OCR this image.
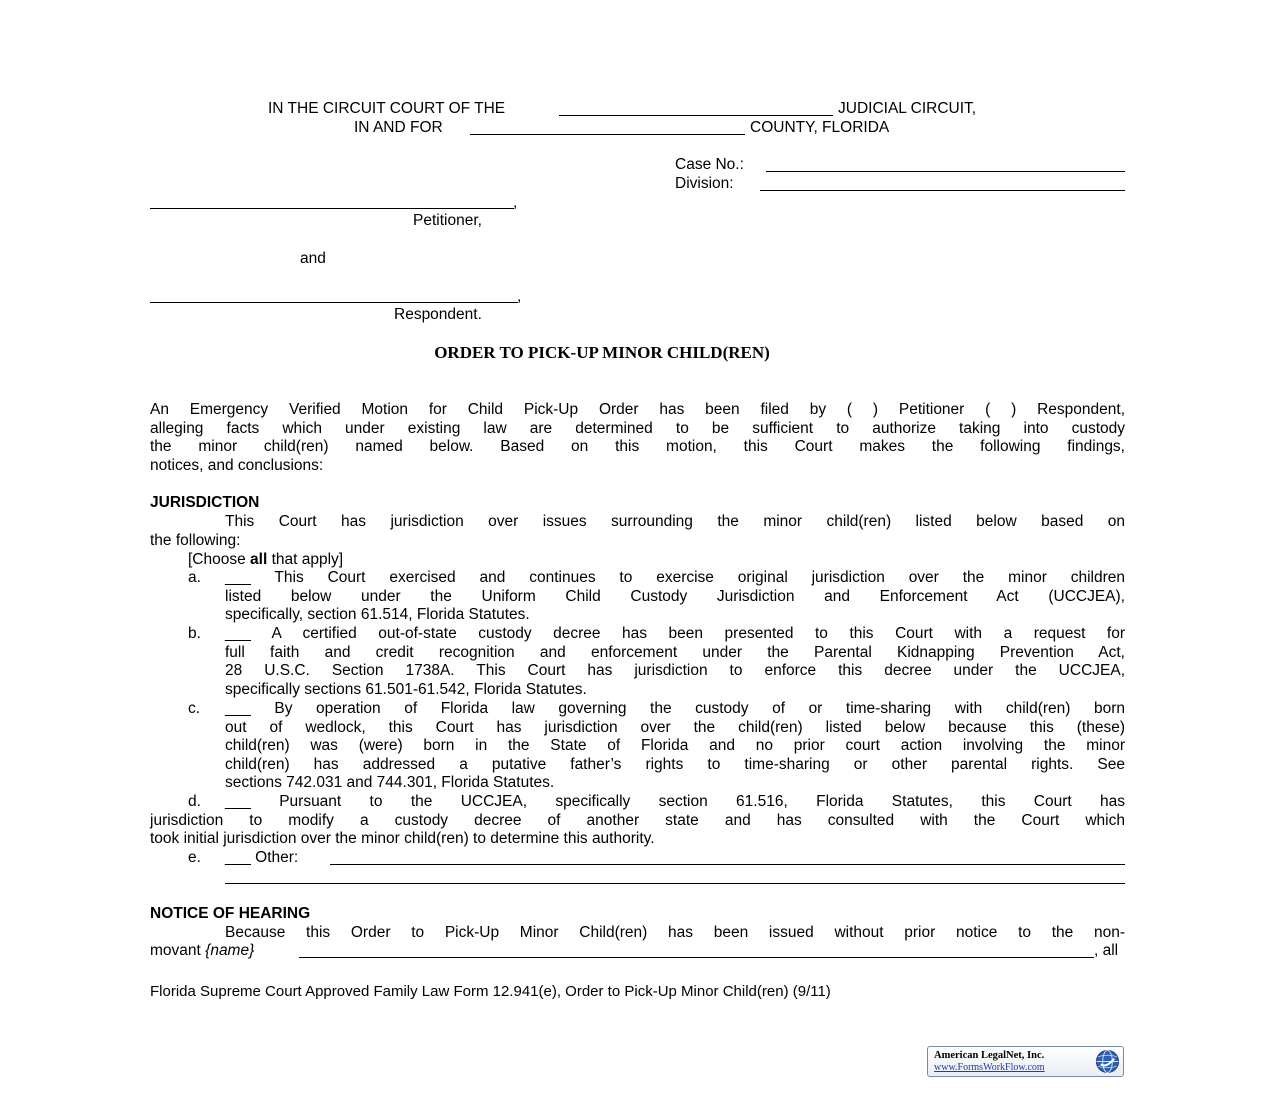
IN THE CIRCUIT COURT OF THE	JUDICIAL CIRCUIT,
IN AND FOR	COUNTY, FLORIDA
Case No.:
Division:
,
Petitioner,
and
,
Respondent.
ORDER TO PICK-UP MINOR CHILD(REN)
An Emergency Verified Motion for Child Pick-Up Order has been filed by ( ) Petitioner ( ) Respondent,
alleging facts which under existing law are determined to be sufficient to authorize taking into custody
the minor child(ren) named below. Based on this motion, this Court makes the following findings,
notices, and conclusions:
JURISDICTION
This Court has jurisdiction over issues surrounding the minor child(ren) listed below based on
the following:
[Choose all that apply]
a. ___ This Court exercised and continues to exercise original jurisdiction over the minor children
listed below under the Uniform Child Custody Jurisdiction and Enforcement Act (UCCJEA),
specifically, section 61.514, Florida Statutes.
b. ___ A certified out-of-state custody decree has been presented to this Court with a request for
full faith and credit recognition and enforcement under the Parental Kidnapping Prevention Act,
28 U.S.C. Section 1738A. This Court has jurisdiction to enforce this decree under the UCCJEA,
specifically sections 61.501-61.542, Florida Statutes.
c. ___ By operation of Florida law governing the custody of or time-sharing with child(ren) born
out of wedlock, this Court has jurisdiction over the child(ren) listed below because this (these)
child(ren) was (were) born in the State of Florida and no prior court action involving the minor
child(ren) has addressed a putative father’s rights to time-sharing or other parental rights. See
sections 742.031 and 744.301, Florida Statutes.
d. ___ Pursuant to the UCCJEA, specifically section 61.516, Florida Statutes, this Court has
jurisdiction to modify a custody decree of another state and has consulted with the Court which
took initial jurisdiction over the minor child(ren) to determine this authority.
e. ___ Other:
NOTICE OF HEARING
Because this Order to Pick-Up Minor Child(ren) has been issued without prior notice to the non-
movant {name}	, all
Florida Supreme Court Approved Family Law Form 12.941(e), Order to Pick-Up Minor Child(ren) (9/11)
American LegalNet, Inc.
www.FormsWorkFlow.com
